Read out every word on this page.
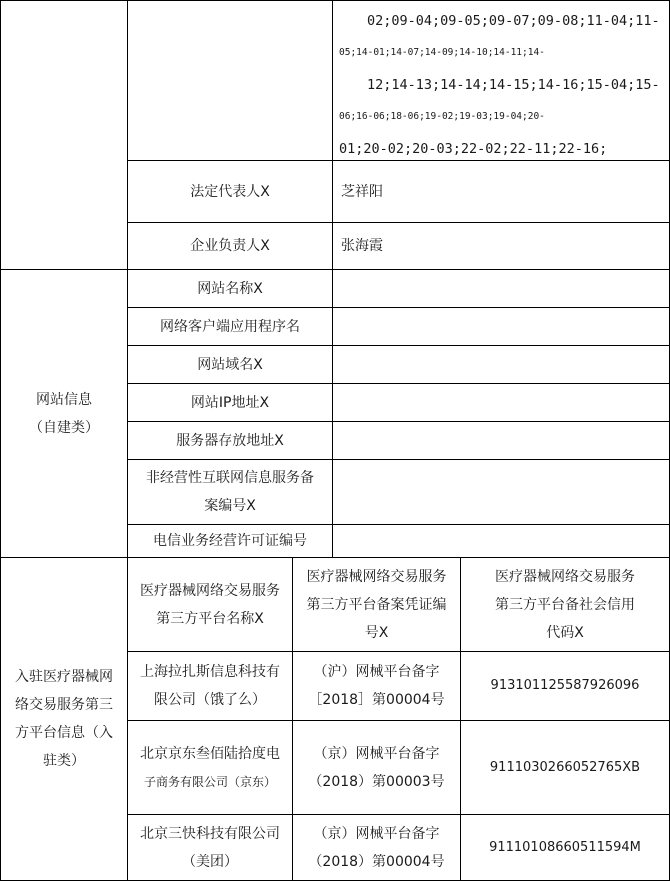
02;09-04;09-05;09-07;09-08;11-04;11-
05;14-01;14-07;14-09;14-10;14-11;14-
12;14-13;14-14;14-15;14-16;15-04;15-
06;16-06;18-06;19-02;19-03;19-04;20-
01;20-02;20-03;22-02;22-11;22-16;
法定代表人Ⅹ	芝祥阳
企业负责人Ⅹ	张海霞
网站信息
（自建类）
网站名称Ⅹ
网络客户端应用程序名
网站域名Ⅹ
网站IP地址Ⅹ
服务器存放地址Ⅹ
非经营性互联网信息服务备
案编号Ⅹ
电信业务经营许可证编号
入驻医疗器械网
络交易服务第三
方平台信息（入
驻类）
医疗器械网络交易服务
第三方平台名称Ⅹ
医疗器械网络交易服务
第三方平台备案凭证编
号Ⅹ
医疗器械网络交易服务
第三方平台备社会信用
代码Ⅹ
上海拉扎斯信息科技有
限公司（饿了么）
（沪）网械平台备字
［2018］第00004号
913101125587926096
北京京东叁佰陆拾度电
子商务有限公司（京东）
（京）网械平台备字
（2018）第00003号
9111030266052765XB
北京三快科技有限公司
（美团）
（京）网械平台备字
（2018）第00004号
91110108660511594M
